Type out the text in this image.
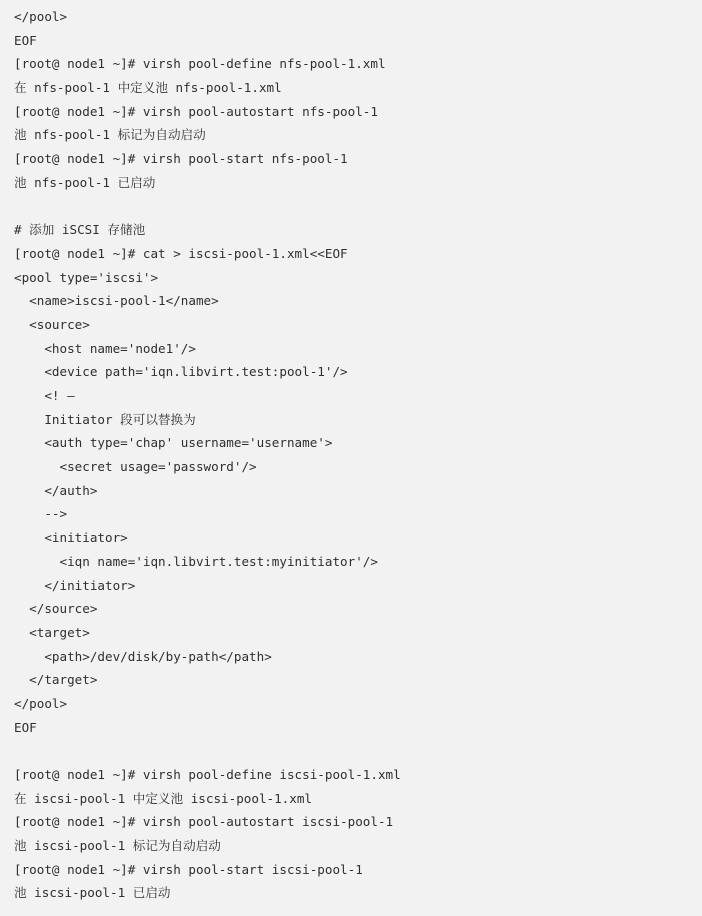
</pool>
EOF
[root@ node1 ~]# virsh pool-define nfs-pool-1.xml
在 nfs-pool-1 中定义池 nfs-pool-1.xml
[root@ node1 ~]# virsh pool-autostart nfs-pool-1
池 nfs-pool-1 标记为自动启动
[root@ node1 ~]# virsh pool-start nfs-pool-1
池 nfs-pool-1 已启动
# 添加 iSCSI 存储池
[root@ node1 ~]# cat > iscsi-pool-1.xml<<EOF
<pool type='iscsi'>
<name>iscsi-pool-1</name>
<source>
<host name='node1'/>
<device path='iqn.libvirt.test:pool-1'/>
<! —
Initiator 段可以替换为
<auth type='chap' username='username'>
<secret usage='password'/>
</auth>
-->
<initiator>
<iqn name='iqn.libvirt.test:myinitiator'/>
</initiator>
</source>
<target>
<path>/dev/disk/by-path</path>
</target>
</pool>
EOF
[root@ node1 ~]# virsh pool-define iscsi-pool-1.xml
在 iscsi-pool-1 中定义池 iscsi-pool-1.xml
[root@ node1 ~]# virsh pool-autostart iscsi-pool-1
池 iscsi-pool-1 标记为自动启动
[root@ node1 ~]# virsh pool-start iscsi-pool-1
池 iscsi-pool-1 已启动
